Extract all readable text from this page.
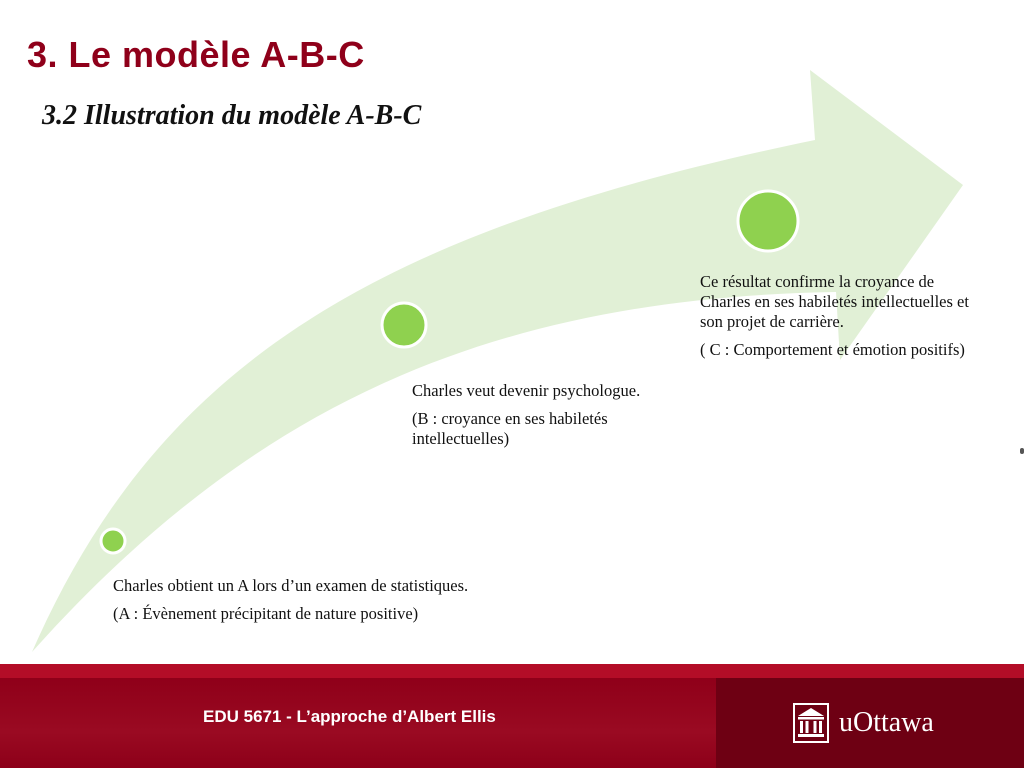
3. Le modèle A-B-C
3.2 Illustration du modèle A-B-C

Charles obtient un A lors d’un examen de statistiques.

(A : Évènement précipitant de nature positive)

Charles veut devenir psychologue.

(B : croyance en ses habiletés intellectuelles)

Ce résultat confirme la croyance de Charles en ses habiletés intellectuelles et son projet de carrière.

( C : Comportement et émotion positifs)

EDU 5671 - L’approche d’Albert Ellis	uOttawa
